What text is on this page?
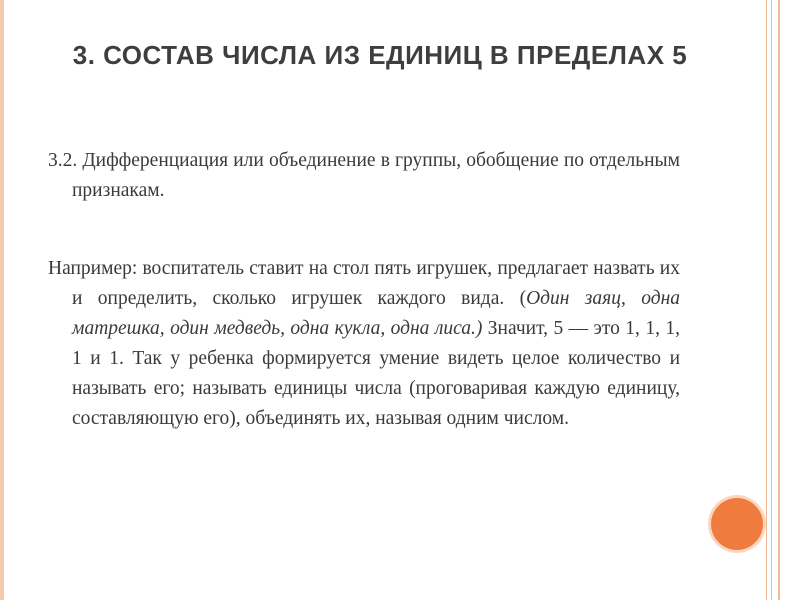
3. СОСТАВ ЧИСЛА ИЗ ЕДИНИЦ В ПРЕДЕЛАХ 5
3.2. Дифференциация или объединение в группы, обобщение по отдельным признакам.
Например: воспитатель ставит на стол пять игрушек, предлагает назвать их и определить, сколько игрушек каждого вида. (Один заяц, одна матрешка, один медведь, одна кукла, одна лиса.) Значит, 5 — это 1, 1, 1, 1 и 1. Так у ребенка формируется умение видеть целое количество и называть его; называть единицы числа (проговаривая каждую единицу, составляющую его), объединять их, называя одним числом.
